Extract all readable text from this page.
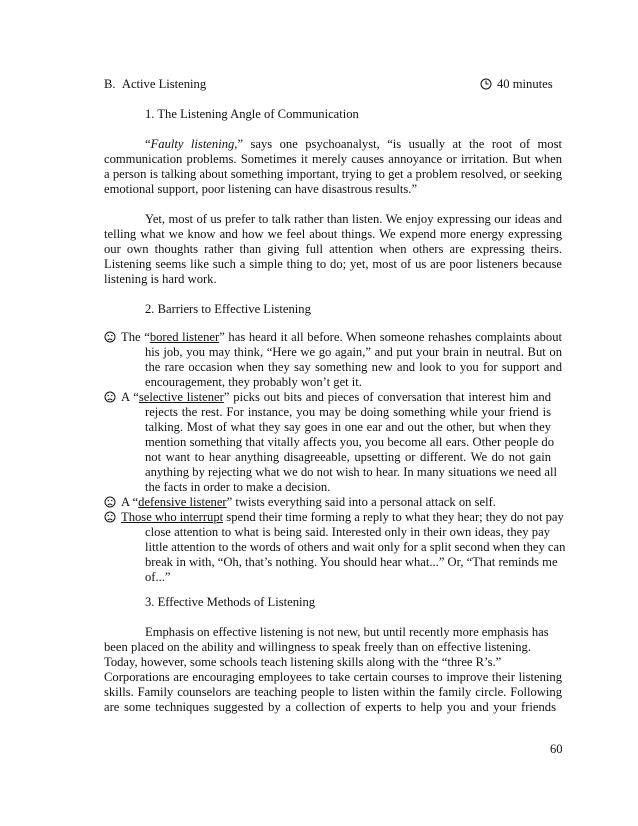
B. Active Listening	40 minutes
1. The Listening Angle of Communication
“Faulty listening,” says one psychoanalyst, “is usually at the root of most
communication problems. Sometimes it merely causes annoyance or irritation. But when
a person is talking about something important, trying to get a problem resolved, or seeking
emotional support, poor listening can have disastrous results.”
Yet, most of us prefer to talk rather than listen. We enjoy expressing our ideas and
telling what we know and how we feel about things. We expend more energy expressing
our own thoughts rather than giving full attention when others are expressing theirs.
Listening seems like such a simple thing to do; yet, most of us are poor listeners because
listening is hard work.
2. Barriers to Effective Listening
The “bored listener” has heard it all before. When someone rehashes complaints about
his job, you may think, “Here we go again,” and put your brain in neutral. But on
the rare occasion when they say something new and look to you for support and
encouragement, they probably won’t get it.
A “selective listener” picks out bits and pieces of conversation that interest him and
rejects the rest. For instance, you may be doing something while your friend is
talking. Most of what they say goes in one ear and out the other, but when they
mention something that vitally affects you, you become all ears. Other people do
not want to hear anything disagreeable, upsetting or different. We do not gain
anything by rejecting what we do not wish to hear. In many situations we need all
the facts in order to make a decision.
A “defensive listener” twists everything said into a personal attack on self.
Those who interrupt spend their time forming a reply to what they hear; they do not pay
close attention to what is being said. Interested only in their own ideas, they pay
little attention to the words of others and wait only for a split second when they can
break in with, “Oh, that’s nothing. You should hear what...” Or, “That reminds me
of...”
3. Effective Methods of Listening
Emphasis on effective listening is not new, but until recently more emphasis has
been placed on the ability and willingness to speak freely than on effective listening.
Today, however, some schools teach listening skills along with the “three R’s.”
Corporations are encouraging employees to take certain courses to improve their listening
skills. Family counselors are teaching people to listen within the family circle. Following
are some techniques suggested by a collection of experts to help you and your friends
60
